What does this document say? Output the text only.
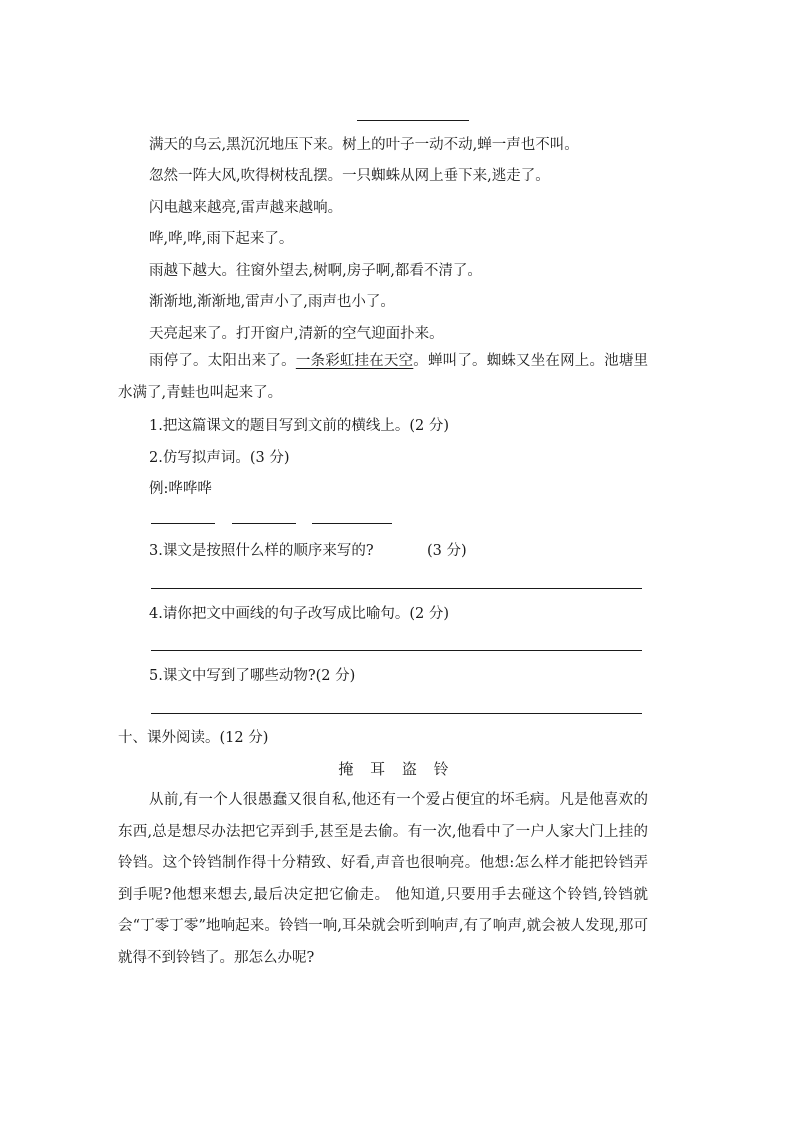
满天的乌云,黑沉沉地压下来。树上的叶子一动不动,蝉一声也不叫。
忽然一阵大风,吹得树枝乱摆。一只蜘蛛从网上垂下来,逃走了。
闪电越来越亮,雷声越来越响。
哗,哗,哗,雨下起来了。
雨越下越大。往窗外望去,树啊,房子啊,都看不清了。
渐渐地,渐渐地,雷声小了,雨声也小了。
天亮起来了。打开窗户,清新的空气迎面扑来。
雨停了。太阳出来了。一条彩虹挂在天空。蝉叫了。蜘蛛又坐在网上。池塘里水满了,青蛙也叫起来了。
1.把这篇课文的题目写到文前的横线上。(2 分)
2.仿写拟声词。(3 分)
例:哗哗哗
3.课文是按照什么样的顺序来写的?	(3 分)
4.请你把文中画线的句子改写成比喻句。(2 分)
5.课文中写到了哪些动物?(2 分)
十、课外阅读。(12 分)
掩 耳 盗 铃
从前,有一个人很愚蠢又很自私,他还有一个爱占便宜的坏毛病。凡是他喜欢的东西,总是想尽办法把它弄到手,甚至是去偷。有一次,他看中了一户人家大门上挂的铃铛。这个铃铛制作得十分精致、好看,声音也很响亮。他想:怎么样才能把铃铛弄到手呢?他想来想去,最后决定把它偷走。 他知道,只要用手去碰这个铃铛,铃铛就会“丁零丁零”地响起来。铃铛一响,耳朵就会听到响声,有了响声,就会被人发现,那可就得不到铃铛了。那怎么办呢?
